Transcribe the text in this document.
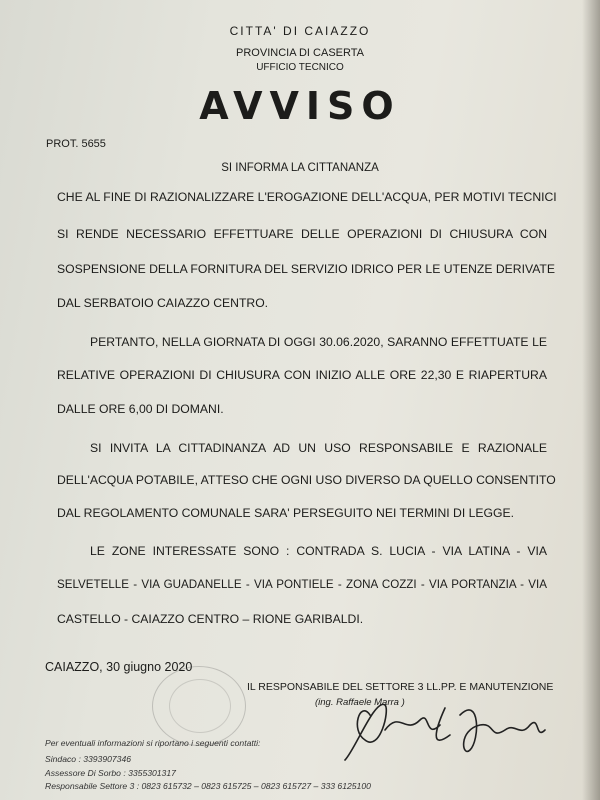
CITTA' DI CAIAZZO
PROVINCIA DI CASERTA
UFFICIO TECNICO
AVVISO
PROT. 5655
SI INFORMA LA CITTANANZA
CHE AL FINE DI RAZIONALIZZARE L'EROGAZIONE DELL'ACQUA, PER MOTIVI TECNICI
SI RENDE NECESSARIO EFFETTUARE DELLE OPERAZIONI DI CHIUSURA CON
SOSPENSIONE DELLA FORNITURA DEL SERVIZIO IDRICO PER LE UTENZE DERIVATE
DAL SERBATOIO CAIAZZO CENTRO.
PERTANTO, NELLA GIORNATA DI OGGI 30.06.2020, SARANNO EFFETTUATE LE
RELATIVE OPERAZIONI DI CHIUSURA CON INIZIO ALLE ORE 22,30 E RIAPERTURA
DALLE ORE 6,00 DI DOMANI.
SI INVITA LA CITTADINANZA AD UN USO RESPONSABILE E RAZIONALE
DELL'ACQUA POTABILE, ATTESO CHE OGNI USO DIVERSO DA QUELLO CONSENTITO
DAL REGOLAMENTO COMUNALE SARA' PERSEGUITO NEI TERMINI DI LEGGE.
LE ZONE INTERESSATE SONO : CONTRADA S. LUCIA - VIA LATINA - VIA
SELVETELLE - VIA GUADANELLE - VIA PONTIELE - ZONA COZZI - VIA PORTANZIA - VIA
CASTELLO - CAIAZZO CENTRO – RIONE GARIBALDI.
CAIAZZO, 30 giugno 2020
IL RESPONSABILE DEL SETTORE 3 LL.PP. E MANUTENZIONE
(ing. Raffaele Marra )
Per eventuali informazioni si riportano i seguenti contatti:
Sindaco : 3393907346
Assessore Di Sorbo : 3355301317
Responsabile Settore 3 : 0823 615732 – 0823 615725 – 0823 615727 – 333 6125100
